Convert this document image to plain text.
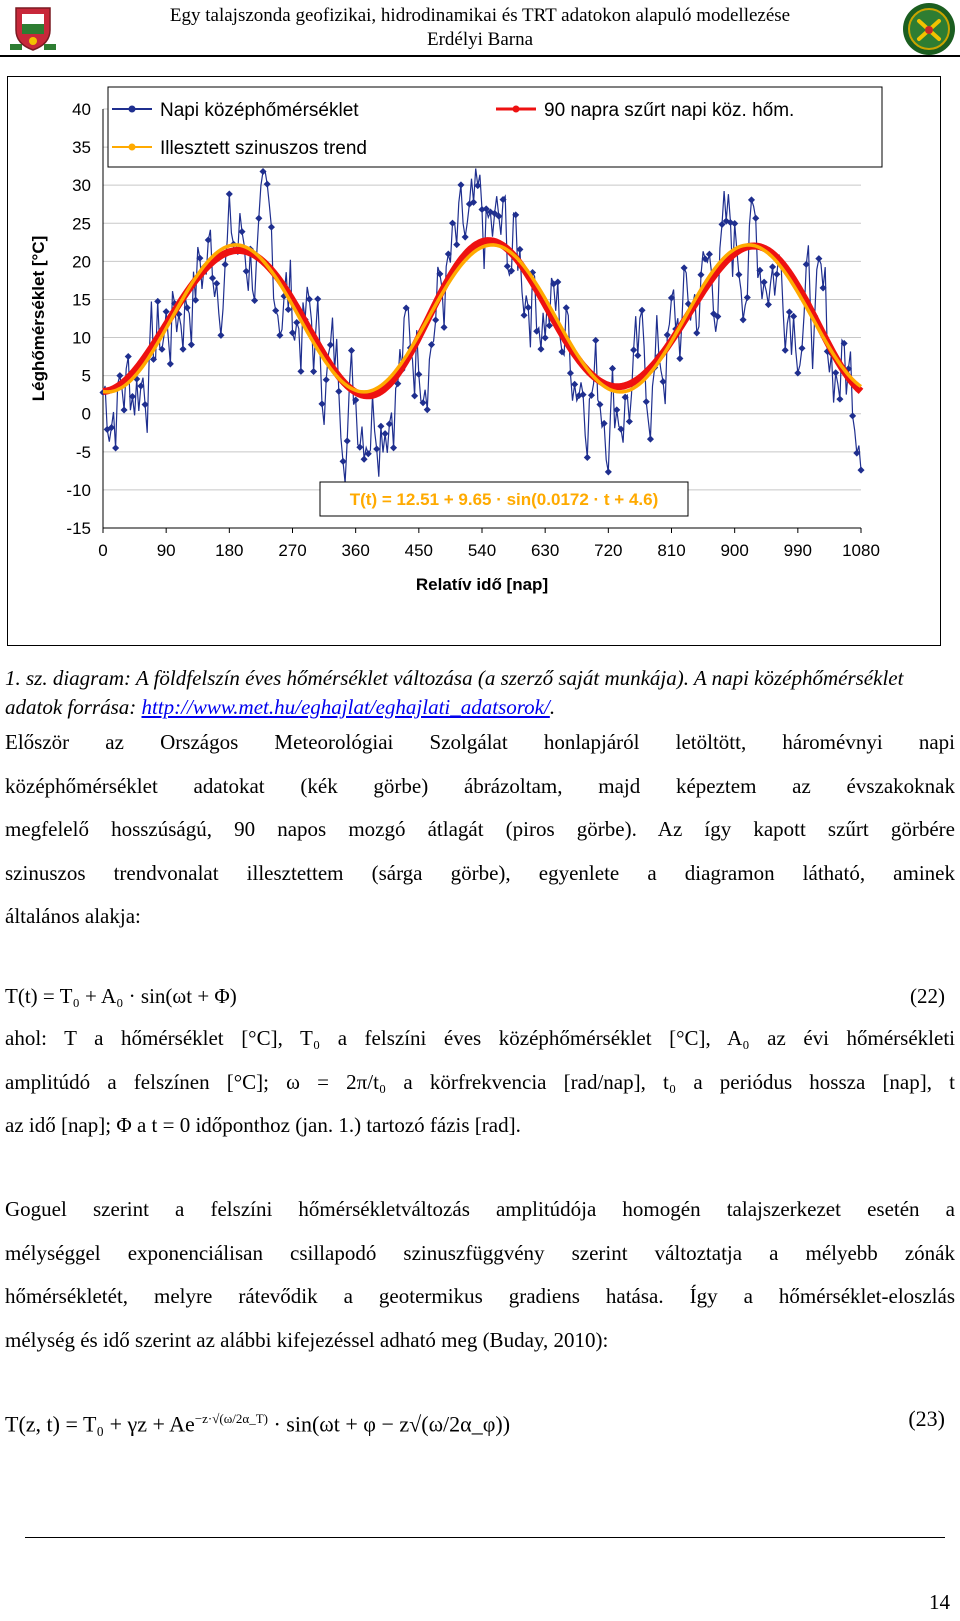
Egy talajszonda geofizikai, hidrodinamikai és TRT adatokon alapuló modellezése
Erdélyi Barna
40
35
30
25
20
15
10
5
0
-5
-10
-15
0	90 180 270 360 450 540 630 720 810 900 990 1080
Napi középhőmérséklet	90 napra szűrt napi köz. hőm.
Illesztett szinuszos trend
Relatív idő [nap]
Léghőmérséklet [°C]
T(t) = 12.51 + 9.65 · sin(0.0172 · t + 4.6)
1. sz. diagram: A földfelszín éves hőmérséklet változása (a szerző saját munkája). A napi középhőmérséklet adatok forrása: http://www.met.hu/eghajlat/eghajlati_adatsorok/.
Először az Országos Meteorológiai Szolgálat honlapjáról letöltött, háromévnyi napi
középhőmérséklet adatokat (kék görbe) ábrázoltam, majd képeztem az évszakoknak
megfelelő hosszúságú, 90 napos mozgó átlagát (piros görbe). Az így kapott szűrt görbére
szinuszos trendvonalat illesztettem (sárga görbe), egyenlete a diagramon látható, aminek
általános alakja:
T(t) = T₀ + A₀ · sin(ωt + Φ)	(22)
ahol: T a hőmérséklet [°C], T₀ a felszíni éves középhőmérséklet [°C], A₀ az évi hőmérsékleti
amplitúdó a felszínen [°C]; ω = 2π/t₀ a körfrekvencia [rad/nap], t₀ a periódus hossza [nap], t
az idő [nap]; Φ a t = 0 időponthoz (jan. 1.) tartozó fázis [rad].
Goguel szerint a felszíni hőmérsékletváltozás amplitúdója homogén talajszerkezet esetén a
mélységgel exponenciálisan csillapodó szinuszfüggvény szerint változtatja a mélyebb zónák
hőmérsékletét, melyre rátevődik a geotermikus gradiens hatása. Így a hőmérséklet-eloszlás
mélység és idő szerint az alábbi kifejezéssel adható meg (Buday, 2010):
T(z, $t) = T_0 + \gamma z + Ae^{-z\cdot√(\omega/2\alpha\_T)} \cdot \sin(\omega t + \varphi$ − z√(ω/2α_φ))	(23)
14
